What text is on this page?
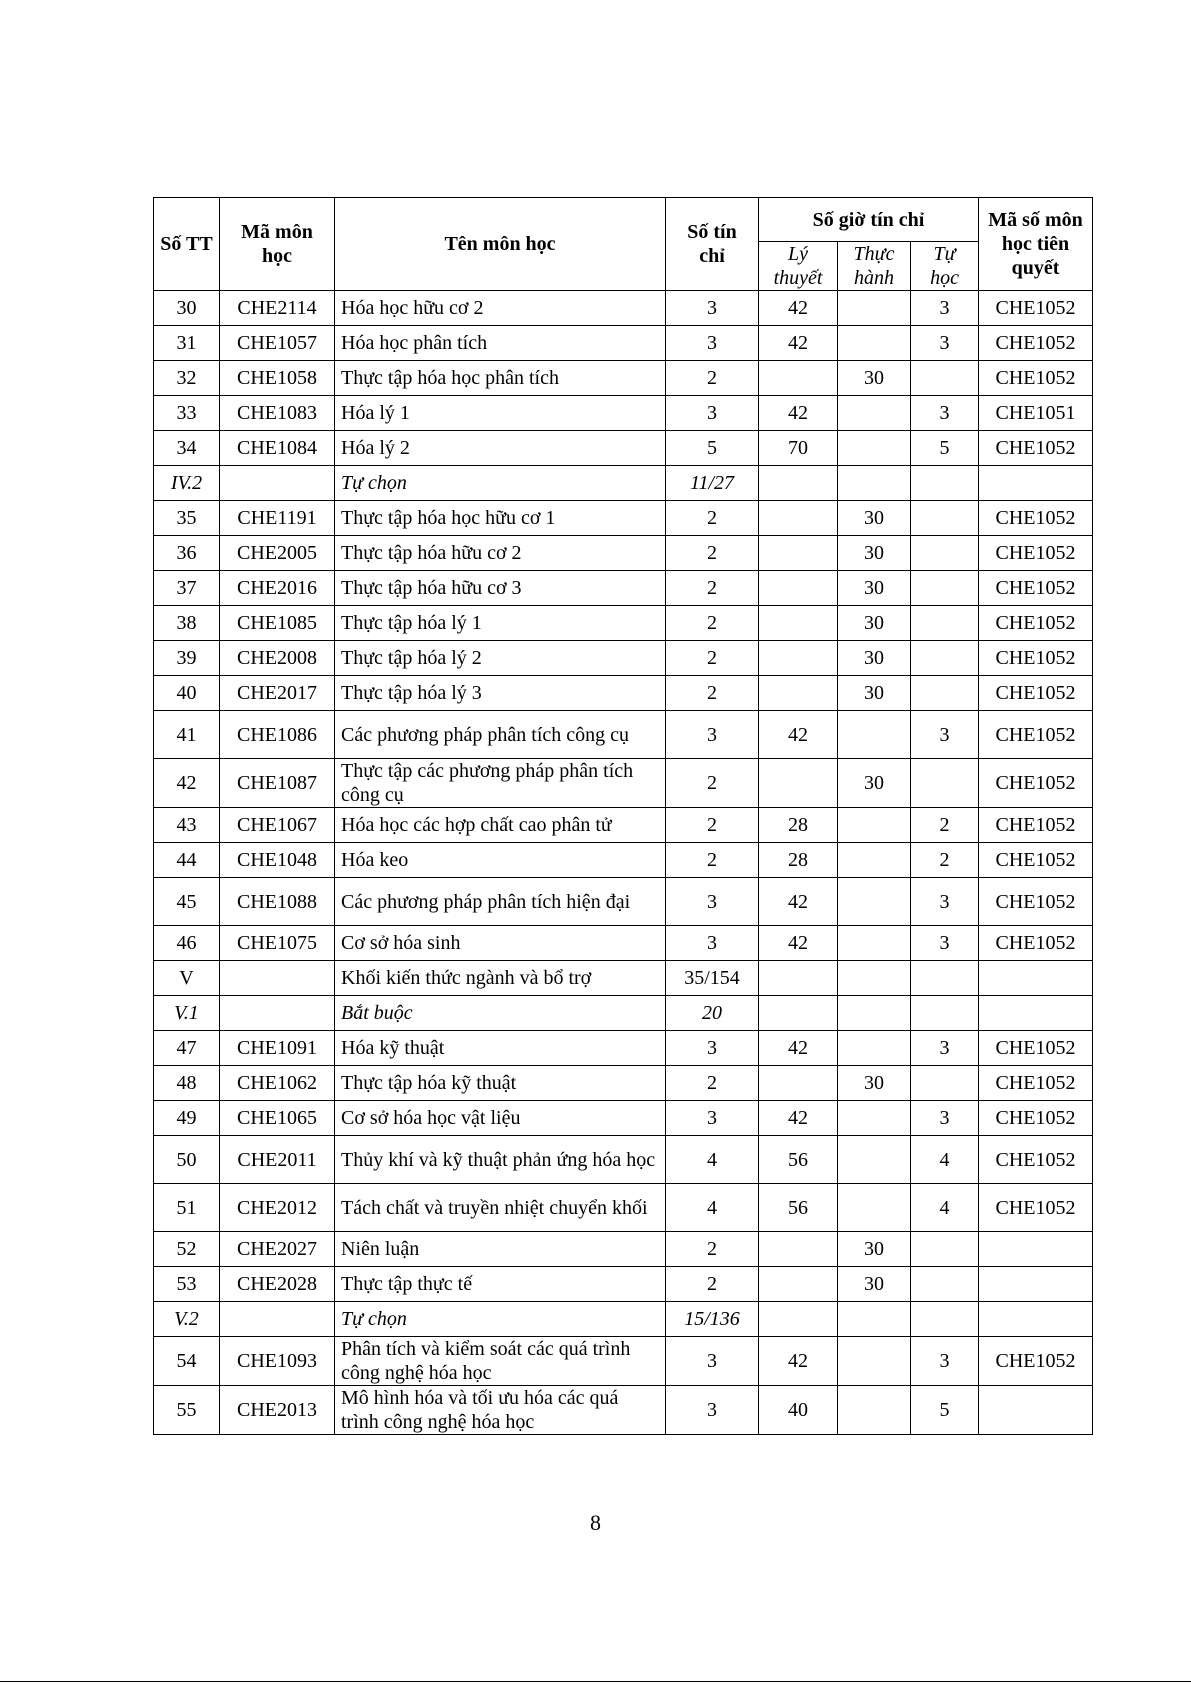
Số TT	Mã môn học	Tên môn học	Số tín chỉ	Số giờ tín chỉ			Mã số môn học tiên quyết
				Lý thuyết	Thực hành	Tự học	
30	CHE2114	Hóa học hữu cơ 2	3	42		3	CHE1052
31	CHE1057	Hóa học phân tích	3	42		3	CHE1052
32	CHE1058	Thực tập hóa học phân tích	2		30		CHE1052
33	CHE1083	Hóa lý 1	3	42		3	CHE1051
34	CHE1084	Hóa lý 2	5	70		5	CHE1052
IV.2		Tự chọn	11/27				
35	CHE1191	Thực tập hóa học hữu cơ 1	2		30		CHE1052
36	CHE2005	Thực tập hóa hữu cơ 2	2		30		CHE1052
37	CHE2016	Thực tập hóa hữu cơ 3	2		30		CHE1052
38	CHE1085	Thực tập hóa lý 1	2		30		CHE1052
39	CHE2008	Thực tập hóa lý 2	2		30		CHE1052
40	CHE2017	Thực tập hóa lý 3	2		30		CHE1052
41	CHE1086	Các phương pháp phân tích công cụ	3	42		3	CHE1052
42	CHE1087	Thực tập các phương pháp phân tích công cụ	2		30		CHE1052
43	CHE1067	Hóa học các hợp chất cao phân tử	2	28		2	CHE1052
44	CHE1048	Hóa keo	2	28		2	CHE1052
45	CHE1088	Các phương pháp phân tích hiện đại	3	42		3	CHE1052
46	CHE1075	Cơ sở hóa sinh	3	42		3	CHE1052
V		Khối kiến thức ngành và bổ trợ	35/154				
V.1		Bắt buộc	20				
47	CHE1091	Hóa kỹ thuật	3	42		3	CHE1052
48	CHE1062	Thực tập hóa kỹ thuật	2		30		CHE1052
49	CHE1065	Cơ sở hóa học vật liệu	3	42		3	CHE1052
50	CHE2011	Thủy khí và kỹ thuật phản ứng hóa học	4	56		4	CHE1052
51	CHE2012	Tách chất và truyền nhiệt chuyển khối	4	56		4	CHE1052
52	CHE2027	Niên luận	2		30		
53	CHE2028	Thực tập thực tế	2		30		
V.2		Tự chọn	15/136				
54	CHE1093	Phân tích và kiểm soát các quá trình công nghệ hóa học	3	42		3	CHE1052
55	CHE2013	Mô hình hóa và tối ưu hóa các quá trình công nghệ hóa học	3	40		5	
8
